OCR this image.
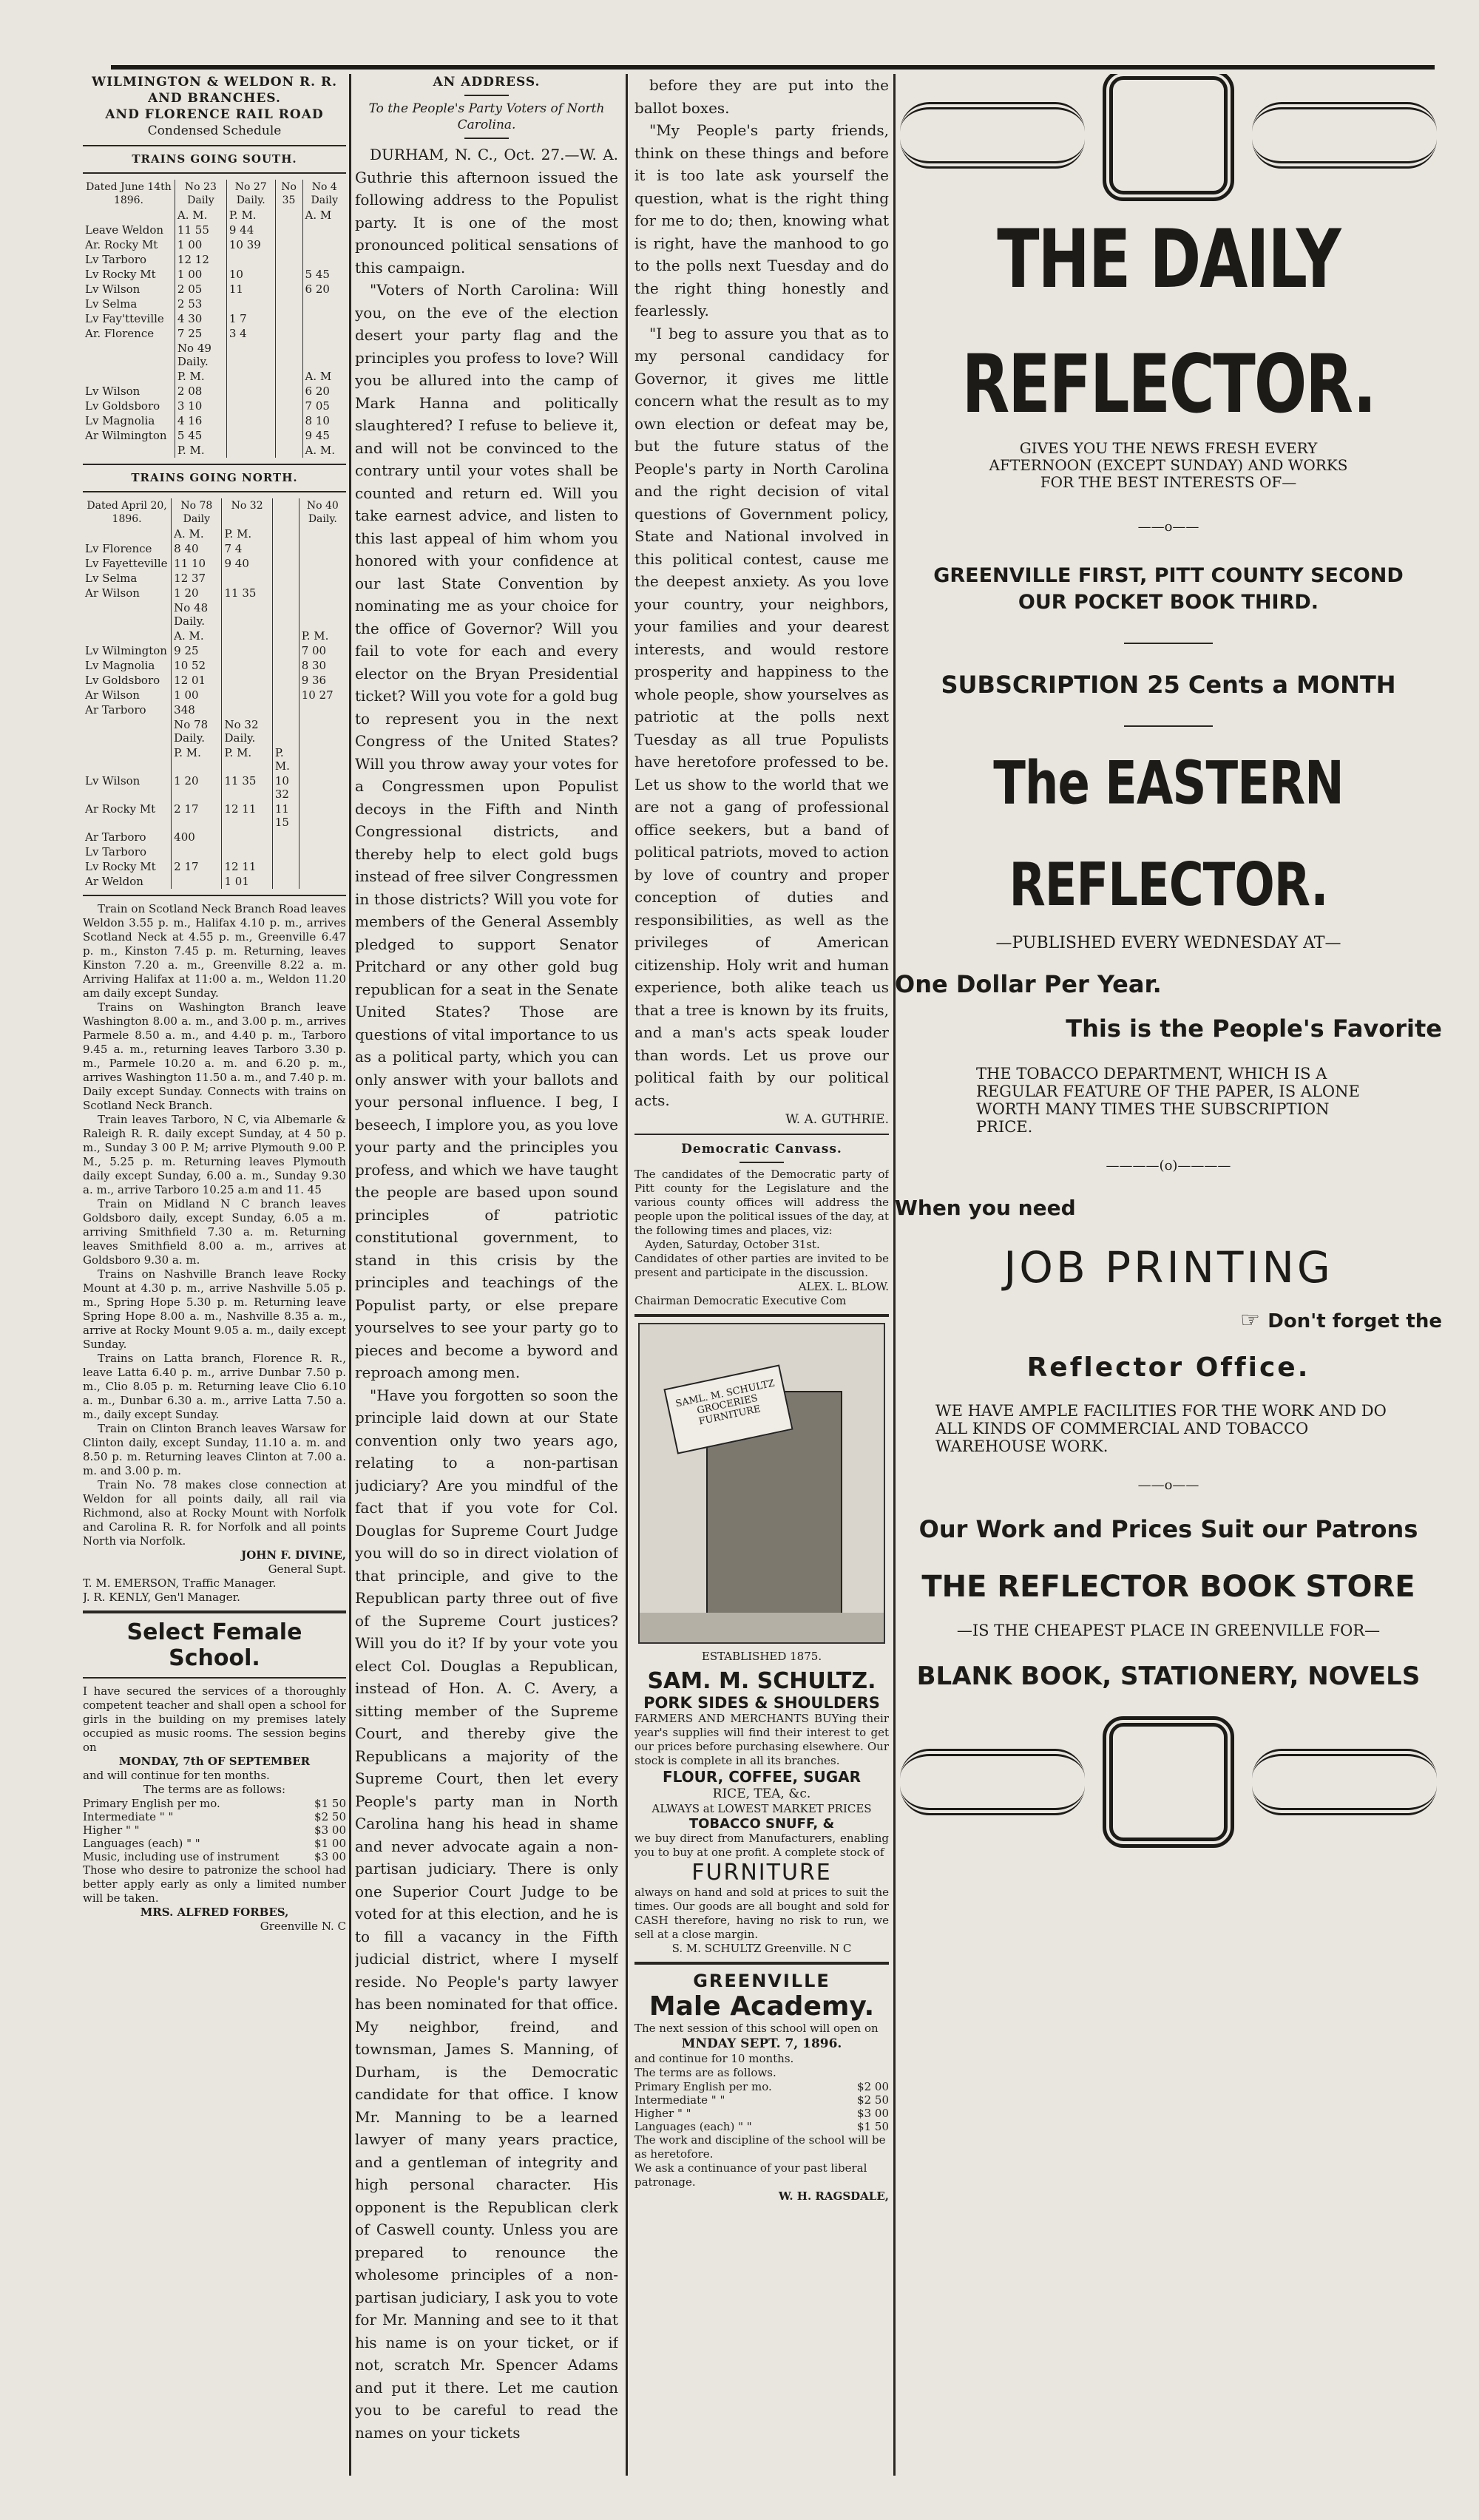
WILMINGTON & WELDON R. R.
AND BRANCHES.
AND FLORENCE RAIL ROAD
Condensed Schedule
TRAINS GOING SOUTH.
Dated June 14th 1896.	No 23 Daily	No 27 Daily.	No 35	No 4 Daily
	A. M.	P. M.		A. M
Leave Weldon	11 55	9 44		
Ar. Rocky Mt	1 00	10 39		
Lv Tarboro	12 12			
Lv Rocky Mt	1 00	10		5 45
Lv Wilson	2 05	11		6 20
Lv Selma	2 53			
Lv Fay'tteville	4 30	1 7		
Ar. Florence	7 25	3 4		
	No 49 Daily.			
	P. M.			A. M
Lv Wilson	2 08			6 20
Lv Goldsboro	3 10			7 05
Lv Magnolia	4 16			8 10
Ar Wilmington	5 45			9 45
	P. M.			A. M.
TRAINS GOING NORTH.
Dated April 20, 1896.	No 78 Daily	No 32		No 40 Daily.
	A. M.	P. M.		
Lv Florence	8 40	7 4		
Lv Fayetteville	11 10	9 40		
Lv Selma	12 37			
Ar Wilson	1 20	11 35		
	No 48 Daily.			
	A. M.			P. M.
Lv Wilmington	9 25			7 00
Lv Magnolia	10 52			8 30
Lv Goldsboro	12 01			9 36
Ar Wilson	1 00			10 27
Ar Tarboro	348			
	No 78 Daily.	No 32 Daily.		
	P. M.	P. M.	P. M.	
Lv Wilson	1 20	11 35	10 32	
Ar Rocky Mt	2 17	12 11	11 15	
Ar Tarboro	400			
Lv Tarboro				
Lv Rocky Mt	2 17	12 11		
Ar Weldon		1 01		
Train on Scotland Neck Branch Road leaves Weldon 3.55 p. m., Halifax 4.10 p. m., arrives Scotland Neck at 4.55 p. m., Greenville 6.47 p. m., Kinston 7.45 p. m. Returning, leaves Kinston 7.20 a. m., Greenville 8.22 a. m. Arriving Halifax at 11:00 a. m., Weldon 11.20 am daily except Sunday.
Trains on Washington Branch leave Washington 8.00 a. m., and 3.00 p. m., arrives Parmele 8.50 a. m., and 4.40 p. m., Tarboro 9.45 a. m., returning leaves Tarboro 3.30 p. m., Parmele 10.20 a. m. and 6.20 p. m., arrives Washington 11.50 a. m., and 7.40 p. m. Daily except Sunday. Connects with trains on Scotland Neck Branch.
Train leaves Tarboro, N C, via Albemarle & Raleigh R. R. daily except Sunday, at 4 50 p. m., Sunday 3 00 P. M; arrive Plymouth 9.00 P. M., 5.25 p. m. Returning leaves Plymouth daily except Sunday, 6.00 a. m., Sunday 9.30 a. m., arrive Tarboro 10.25 a.m and 11. 45
Train on Midland N C branch leaves Goldsboro daily, except Sunday, 6.05 a m. arriving Smithfield 7.30 a. m. Returning leaves Smithfield 8.00 a. m., arrives at Goldsboro 9.30 a. m.
Trains on Nashville Branch leave Rocky Mount at 4.30 p. m., arrive Nashville 5.05 p. m., Spring Hope 5.30 p. m. Returning leave Spring Hope 8.00 a. m., Nashville 8.35 a. m., arrive at Rocky Mount 9.05 a. m., daily except Sunday.
Trains on Latta branch, Florence R. R., leave Latta 6.40 p. m., arrive Dunbar 7.50 p. m., Clio 8.05 p. m. Returning leave Clio 6.10 a. m., Dunbar 6.30 a. m., arrive Latta 7.50 a. m., daily except Sunday.
Train on Clinton Branch leaves Warsaw for Clinton daily, except Sunday, 11.10 a. m. and 8.50 p. m. Returning leaves Clinton at 7.00 a. m. and 3.00 p. m.
Train No. 78 makes close connection at Weldon for all points daily, all rail via Richmond, also at Rocky Mount with Norfolk and Carolina R. R. for Norfolk and all points North via Norfolk.
JOHN F. DIVINE,
General Supt.
T. M. EMERSON, Traffic Manager.
J. R. KENLY, Gen'l Manager.
Select Female School.
I have secured the services of a thoroughly competent teacher and shall open a school for girls in the building on my premises lately occupied as music rooms. The session begins on
MONDAY, 7th OF SEPTEMBER
and will continue for ten months.
The terms are as follows:
Primary English per mo.	$1 50
Intermediate " "	$2 50
Higher " "	$3 00
Languages (each) " "	$1 00
Music, including use of instrument	$3 00
Those who desire to patronize the school had better apply early as only a limited number will be taken.
MRS. ALFRED FORBES,
Greenville N. C
AN ADDRESS.
To the People's Party Voters of North Carolina.
DURHAM, N. C., Oct. 27.—W. A. Guthrie this afternoon issued the following address to the Populist party. It is one of the most pronounced political sensations of this campaign.
"Voters of North Carolina: Will you, on the eve of the election desert your party flag and the principles you profess to love? Will you be allured into the camp of Mark Hanna and politically slaughtered? I refuse to believe it, and will not be convinced to the contrary until your votes shall be counted and return ed. Will you take earnest advice, and listen to this last appeal of him whom you honored with your confidence at our last State Convention by nominating me as your choice for the office of Governor? Will you fail to vote for each and every elector on the Bryan Presidential ticket? Will you vote for a gold bug to represent you in the next Congress of the United States? Will you throw away your votes for a Congressmen upon Populist decoys in the Fifth and Ninth Congressional districts, and thereby help to elect gold bugs instead of free silver Congressmen in those districts? Will you vote for members of the General Assembly pledged to support Senator Pritchard or any other gold bug republican for a seat in the Senate United States? Those are questions of vital importance to us as a political party, which you can only answer with your ballots and your personal influence. I beg, I beseech, I implore you, as you love your party and the principles you profess, and which we have taught the people are based upon sound principles of patriotic constitutional government, to stand in this crisis by the principles and teachings of the Populist party, or else prepare yourselves to see your party go to pieces and become a byword and reproach among men.
"Have you forgotten so soon the principle laid down at our State convention only two years ago, relating to a non-partisan judiciary? Are you mindful of the fact that if you vote for Col. Douglas for Supreme Court Judge you will do so in direct violation of that principle, and give to the Republican party three out of five of the Supreme Court justices? Will you do it? If by your vote you elect Col. Douglas a Republican, instead of Hon. A. C. Avery, a sitting member of the Supreme Court, and thereby give the Republicans a majority of the Supreme Court, then let every People's party man in North Carolina hang his head in shame and never advocate again a non-partisan judiciary. There is only one Superior Court Judge to be voted for at this election, and he is to fill a vacancy in the Fifth judicial district, where I myself reside. No People's party lawyer has been nominated for that office. My neighbor, freind, and townsman, James S. Manning, of Durham, is the Democratic candidate for that office. I know Mr. Manning to be a learned lawyer of many years practice, and a gentleman of integrity and high personal character. His opponent is the Republican clerk of Caswell county. Unless you are prepared to renounce the wholesome principles of a non-partisan judiciary, I ask you to vote for Mr. Manning and see to it that his name is on your ticket, or if not, scratch Mr. Spencer Adams and put it there. Let me caution you to be careful to read the names on your tickets
before they are put into the ballot boxes.
"My People's party friends, think on these things and before it is too late ask yourself the question, what is the right thing for me to do; then, knowing what is right, have the manhood to go to the polls next Tuesday and do the right thing honestly and fearlessly.
"I beg to assure you that as to my personal candidacy for Governor, it gives me little concern what the result as to my own election or defeat may be, but the future status of the People's party in North Carolina and the right decision of vital questions of Government policy, State and National involved in this political contest, cause me the deepest anxiety. As you love your country, your neighbors, your families and your dearest interests, and would restore prosperity and happiness to the whole people, show yourselves as patriotic at the polls next Tuesday as all true Populists have heretofore professed to be. Let us show to the world that we are not a gang of professional office seekers, but a band of political patriots, moved to action by love of country and proper conception of duties and responsibilities, as well as the privileges of American citizenship. Holy writ and human experience, both alike teach us that a tree is known by its fruits, and a man's acts speak louder than words. Let us prove our political faith by our political acts.
W. A. GUTHRIE.
Democratic Canvass.
The candidates of the Democratic party of Pitt county for the Legislature and the various county offices will address the people upon the political issues of the day, at the following times and places, viz:
Ayden, Saturday, October 31st.
Candidates of other parties are invited to be present and participate in the discussion.
ALEX. L. BLOW.
Chairman Democratic Executive Com
SAML. M. SCHULTZ GROCERIES FURNITURE
ESTABLISHED 1875.
SAM. M. SCHULTZ.
PORK SIDES & SHOULDERS
FARMERS AND MERCHANTS BUYing their year's supplies will find their interest to get our prices before purchasing elsewhere. Our stock is complete in all its branches.
FLOUR, COFFEE, SUGAR
RICE, TEA, &c.
ALWAYS at LOWEST MARKET PRICES
TOBACCO SNUFF, &
we buy direct from Manufacturers, enabling you to buy at one profit. A complete stock of
FURNITURE
always on hand and sold at prices to suit the times. Our goods are all bought and sold for CASH therefore, having no risk to run, we sell at a close margin.
S. M. SCHULTZ Greenville. N C
GREENVILLE
Male Academy.
The next session of this school will open on
MNDAY SEPT. 7, 1896.
and continue for 10 months.
The terms are as follows.
Primary English per mo.	$2 00
Intermediate " "	$2 50
Higher " "	$3 00
Languages (each) " "	$1 50
The work and discipline of the school will be as heretofore.
We ask a continuance of your past liberal patronage.
W. H. RAGSDALE,
THE DAILY REFLECTOR.
GIVES YOU THE NEWS FRESH EVERY AFTERNOON (EXCEPT SUNDAY) AND WORKS FOR THE BEST INTERESTS OF—
——o——
GREENVILLE FIRST, PITT COUNTY SECOND
OUR POCKET BOOK THIRD.
SUBSCRIPTION 25 Cents a MONTH
The EASTERN REFLECTOR.
—PUBLISHED EVERY WEDNESDAY AT—
One Dollar Per Year.
This is the People's Favorite
THE TOBACCO DEPARTMENT, WHICH IS A REGULAR FEATURE OF THE PAPER, IS ALONE WORTH MANY TIMES THE SUBSCRIPTION PRICE.
————(o)————
When you need
JOB PRINTING
☞ Don't forget the
Reflector Office.
WE HAVE AMPLE FACILITIES FOR THE WORK AND DO ALL KINDS OF COMMERCIAL AND TOBACCO WAREHOUSE WORK.
——o——
Our Work and Prices Suit our Patrons
THE REFLECTOR BOOK STORE
—IS THE CHEAPEST PLACE IN GREENVILLE FOR—
BLANK BOOK, STATIONERY, NOVELS
